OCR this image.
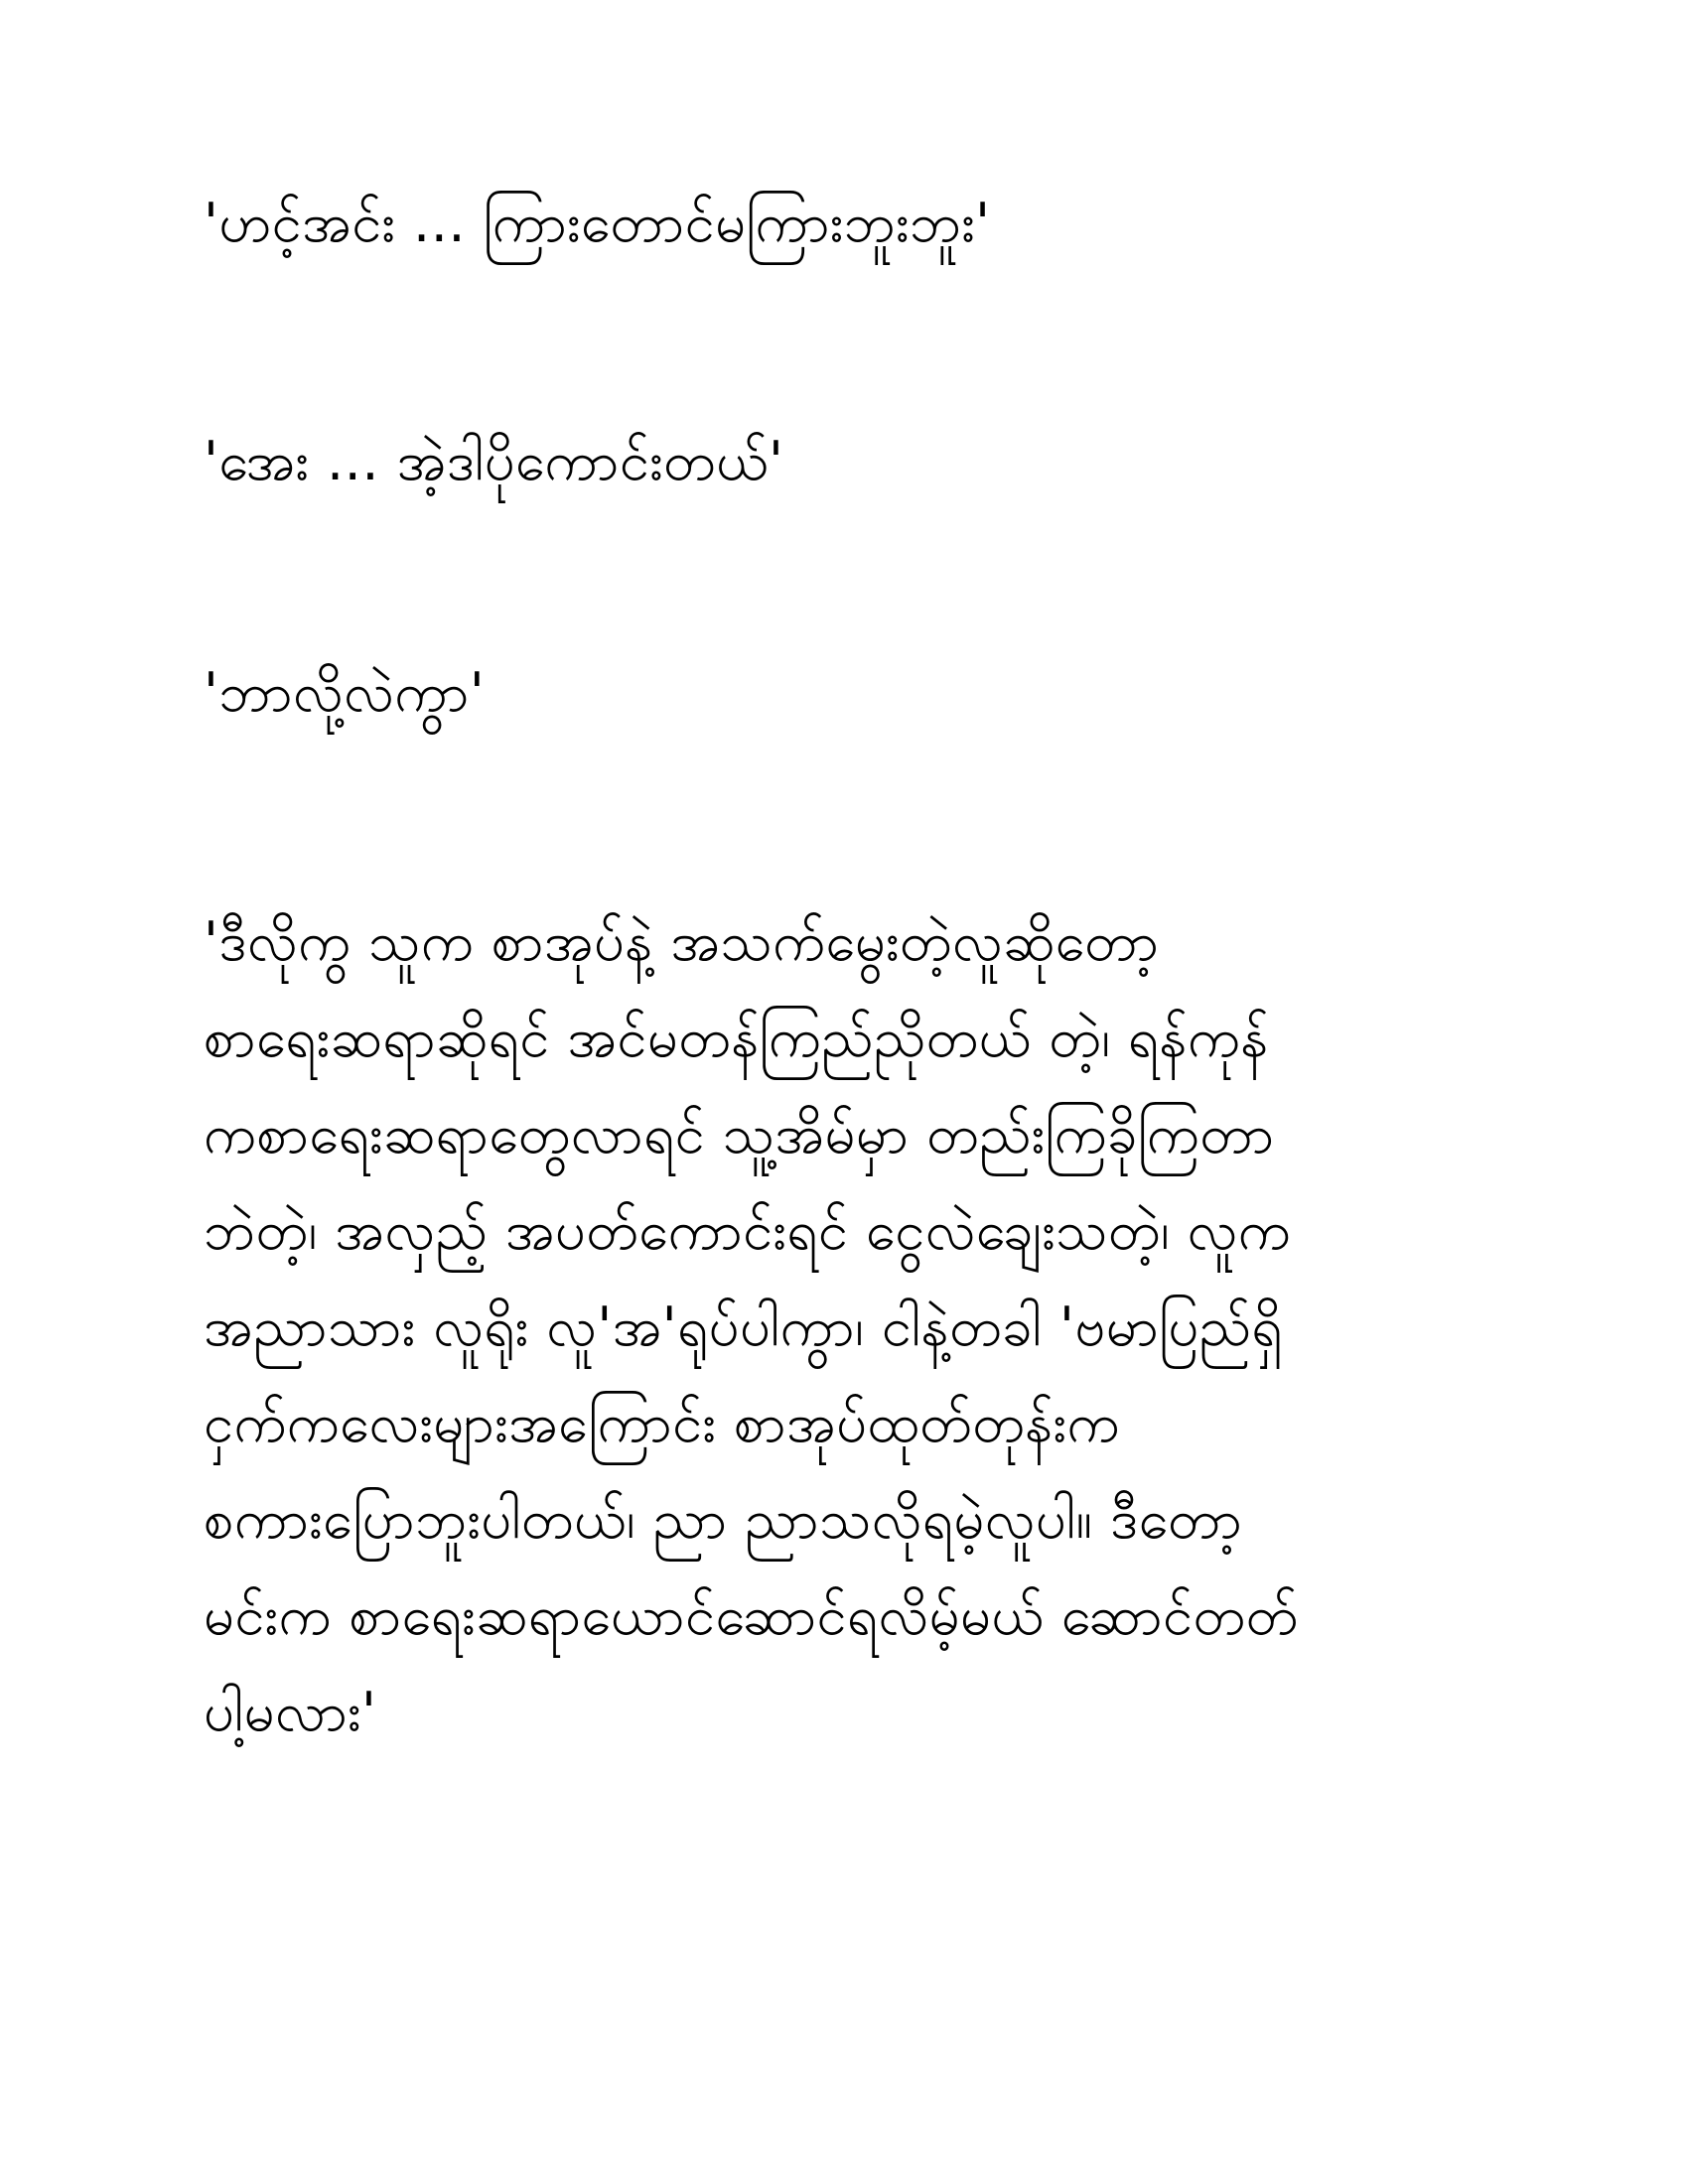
'ဟင့်အင်း ... ကြားတောင်မကြားဘူးဘူး'
'အေး ... အဲ့ဒါပိုကောင်းတယ်'
'ဘာလို့လဲကွာ'
'ဒီလိုကွ သူက စာအုပ်နဲ့ အသက်မွေးတဲ့လူဆိုတော့
စာရေးဆရာဆိုရင် အင်မတန်ကြည်ညိုတယ် တဲ့၊ ရန်ကုန်
ကစာရေးဆရာတွေလာရင် သူ့အိမ်မှာ တည်းကြခိုကြတာ
ဘဲတဲ့၊ အလှည့် အပတ်ကောင်းရင် ငွေလဲချေးသတဲ့၊ လူက
အညာသား လူရိုး လူ'အ'ရုပ်ပါကွာ၊ ငါနဲ့တခါ 'ဗမာပြည်ရှိ
ငှက်ကလေးများအကြောင်း စာအုပ်ထုတ်တုန်းက
စကားပြောဘူးပါတယ်၊ ညာ ညာသလိုရမဲ့လူပါ။ ဒီတော့
မင်းက စာရေးဆရာယောင်ဆောင်ရလိမ့်မယ် ဆောင်တတ်
ပါ့မလား'
